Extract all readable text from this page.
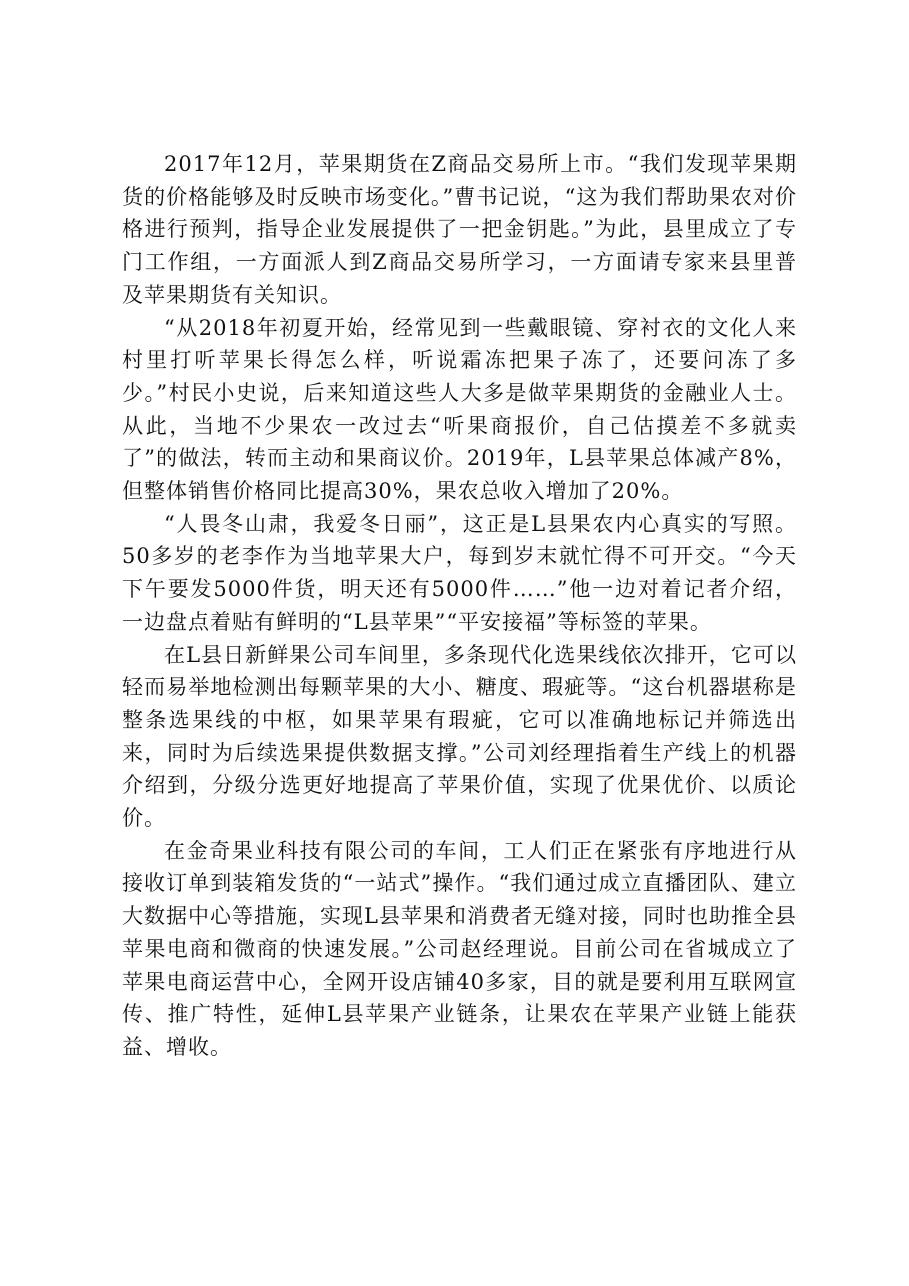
2017年12月，苹果期货在Z商品交易所上市。“我们发现苹果期货的价格能够及时反映市场变化。”曹书记说，“这为我们帮助果农对价格进行预判，指导企业发展提供了一把金钥匙。”为此，县里成立了专门工作组，一方面派人到Z商品交易所学习，一方面请专家来县里普及苹果期货有关知识。

“从2018年初夏开始，经常见到一些戴眼镜、穿衬衣的文化人来村里打听苹果长得怎么样，听说霜冻把果子冻了，还要问冻了多少。”村民小史说，后来知道这些人大多是做苹果期货的金融业人士。从此，当地不少果农一改过去“听果商报价，自己估摸差不多就卖了”的做法，转而主动和果商议价。2019年，L县苹果总体减产8%，但整体销售价格同比提高30%，果农总收入增加了20%。

“人畏冬山肃，我爱冬日丽”，这正是L县果农内心真实的写照。50多岁的老李作为当地苹果大户，每到岁末就忙得不可开交。“今天下午要发5000件货，明天还有5000件……”他一边对着记者介绍，一边盘点着贴有鲜明的“L县苹果”“平安接福”等标签的苹果。

在L县日新鲜果公司车间里，多条现代化选果线依次排开，它可以轻而易举地检测出每颗苹果的大小、糖度、瑕疵等。“这台机器堪称是整条选果线的中枢，如果苹果有瑕疵，它可以准确地标记并筛选出来，同时为后续选果提供数据支撑。”公司刘经理指着生产线上的机器介绍到，分级分选更好地提高了苹果价值，实现了优果优价、以质论价。

在金奇果业科技有限公司的车间，工人们正在紧张有序地进行从接收订单到装箱发货的“一站式”操作。“我们通过成立直播团队、建立大数据中心等措施，实现L县苹果和消费者无缝对接，同时也助推全县苹果电商和微商的快速发展。”公司赵经理说。目前公司在省城成立了苹果电商运营中心，全网开设店铺40多家，目的就是要利用互联网宣传、推广特性，延伸L县苹果产业链条，让果农在苹果产业链上能获益、增收。
